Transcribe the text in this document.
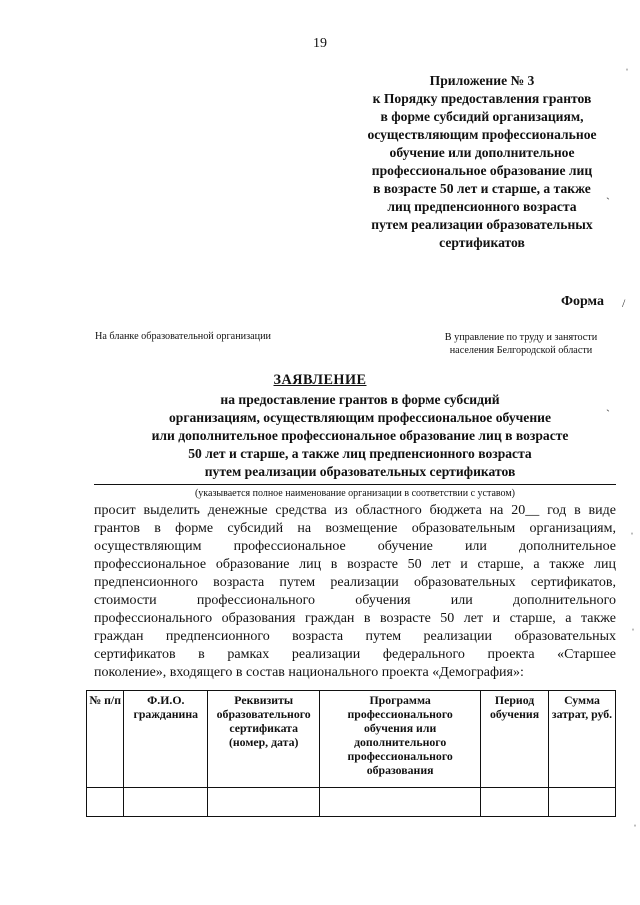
19
Приложение № 3
к Порядку предоставления грантов
в форме субсидий организациям,
осуществляющим профессиональное
обучение или дополнительное
профессиональное образование лиц
в возрасте 50 лет и старше, а также
лиц предпенсионного возраста
путем реализации образовательных
сертификатов
Форма
На бланке образовательной организации	В управление по труду и занятости
населения Белгородской области
ЗАЯВЛЕНИЕ
на предоставление грантов в форме субсидий
организациям, осуществляющим профессиональное обучение
или дополнительное профессиональное образование лиц в возрасте
50 лет и старше, а также лиц предпенсионного возраста
путем реализации образовательных сертификатов
(указывается полное наименование организации в соответствии с уставом)
просит выделить денежные средства из областного бюджета на 20__ год в виде
грантов в форме субсидий на возмещение образовательным организациям,
осуществляющим профессиональное обучение или дополнительное
профессиональное образование лиц в возрасте 50 лет и старше, а также лиц
предпенсионного возраста путем реализации образовательных сертификатов,
стоимости профессионального обучения или дополнительного
профессионального образования граждан в возрасте 50 лет и старше, а также
граждан предпенсионного возраста путем реализации образовательных
сертификатов в рамках реализации федерального проекта «Старшее
поколение», входящего в состав национального проекта «Демография»:
№ п/п	Ф.И.О. гражданина	Реквизиты образовательного сертификата (номер, дата)	Программа профессионального обучения или дополнительного профессионального образования	Период обучения	Сумма затрат, руб.

ˈ
ˎ
/
ˎ
ˈ
ˈ
ˈ
